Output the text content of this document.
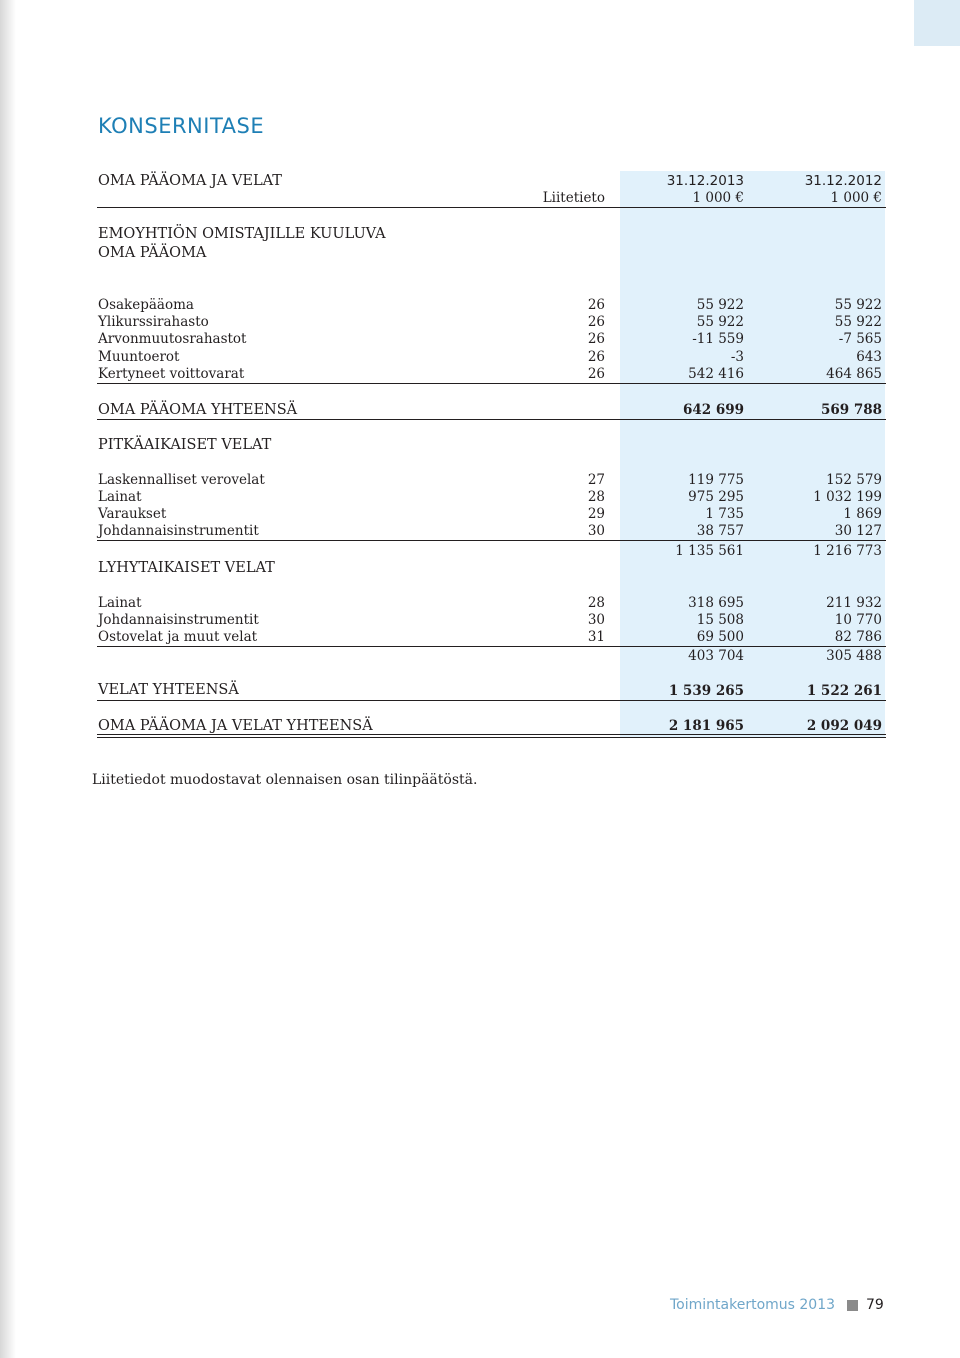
KONSERNITASE
OMA PÄÄOMA JA VELAT	31.12.2013	31.12.2012
Liitetieto	1 000 €	1 000 €
EMOYHTIÖN OMISTAJILLE KUULUVA
OMA PÄÄOMA
Osakepääoma	26	55 922	55 922
Ylikurssirahasto	26	55 922	55 922
Arvonmuutosrahastot	26	-11 559	-7 565
Muuntoerot	26	-3	643
Kertyneet voittovarat	26	542 416	464 865
OMA PÄÄOMA YHTEENSÄ	642 699	569 788
PITKÄAIKAISET VELAT
Laskennalliset verovelat	27	119 775	152 579
Lainat	28	975 295	1 032 199
Varaukset	29	1 735	1 869
Johdannaisinstrumentit	30	38 757	30 127
1 135 561	1 216 773
LYHYTAIKAISET VELAT
Lainat	28	318 695	211 932
Johdannaisinstrumentit	30	15 508	10 770
Ostovelat ja muut velat	31	69 500	82 786
403 704	305 488
VELAT YHTEENSÄ	1 539 265	1 522 261
OMA PÄÄOMA JA VELAT YHTEENSÄ	2 181 965	2 092 049
Liitetiedot muodostavat olennaisen osan tilinpäätöstä.
Toimintakertomus 2013 79
